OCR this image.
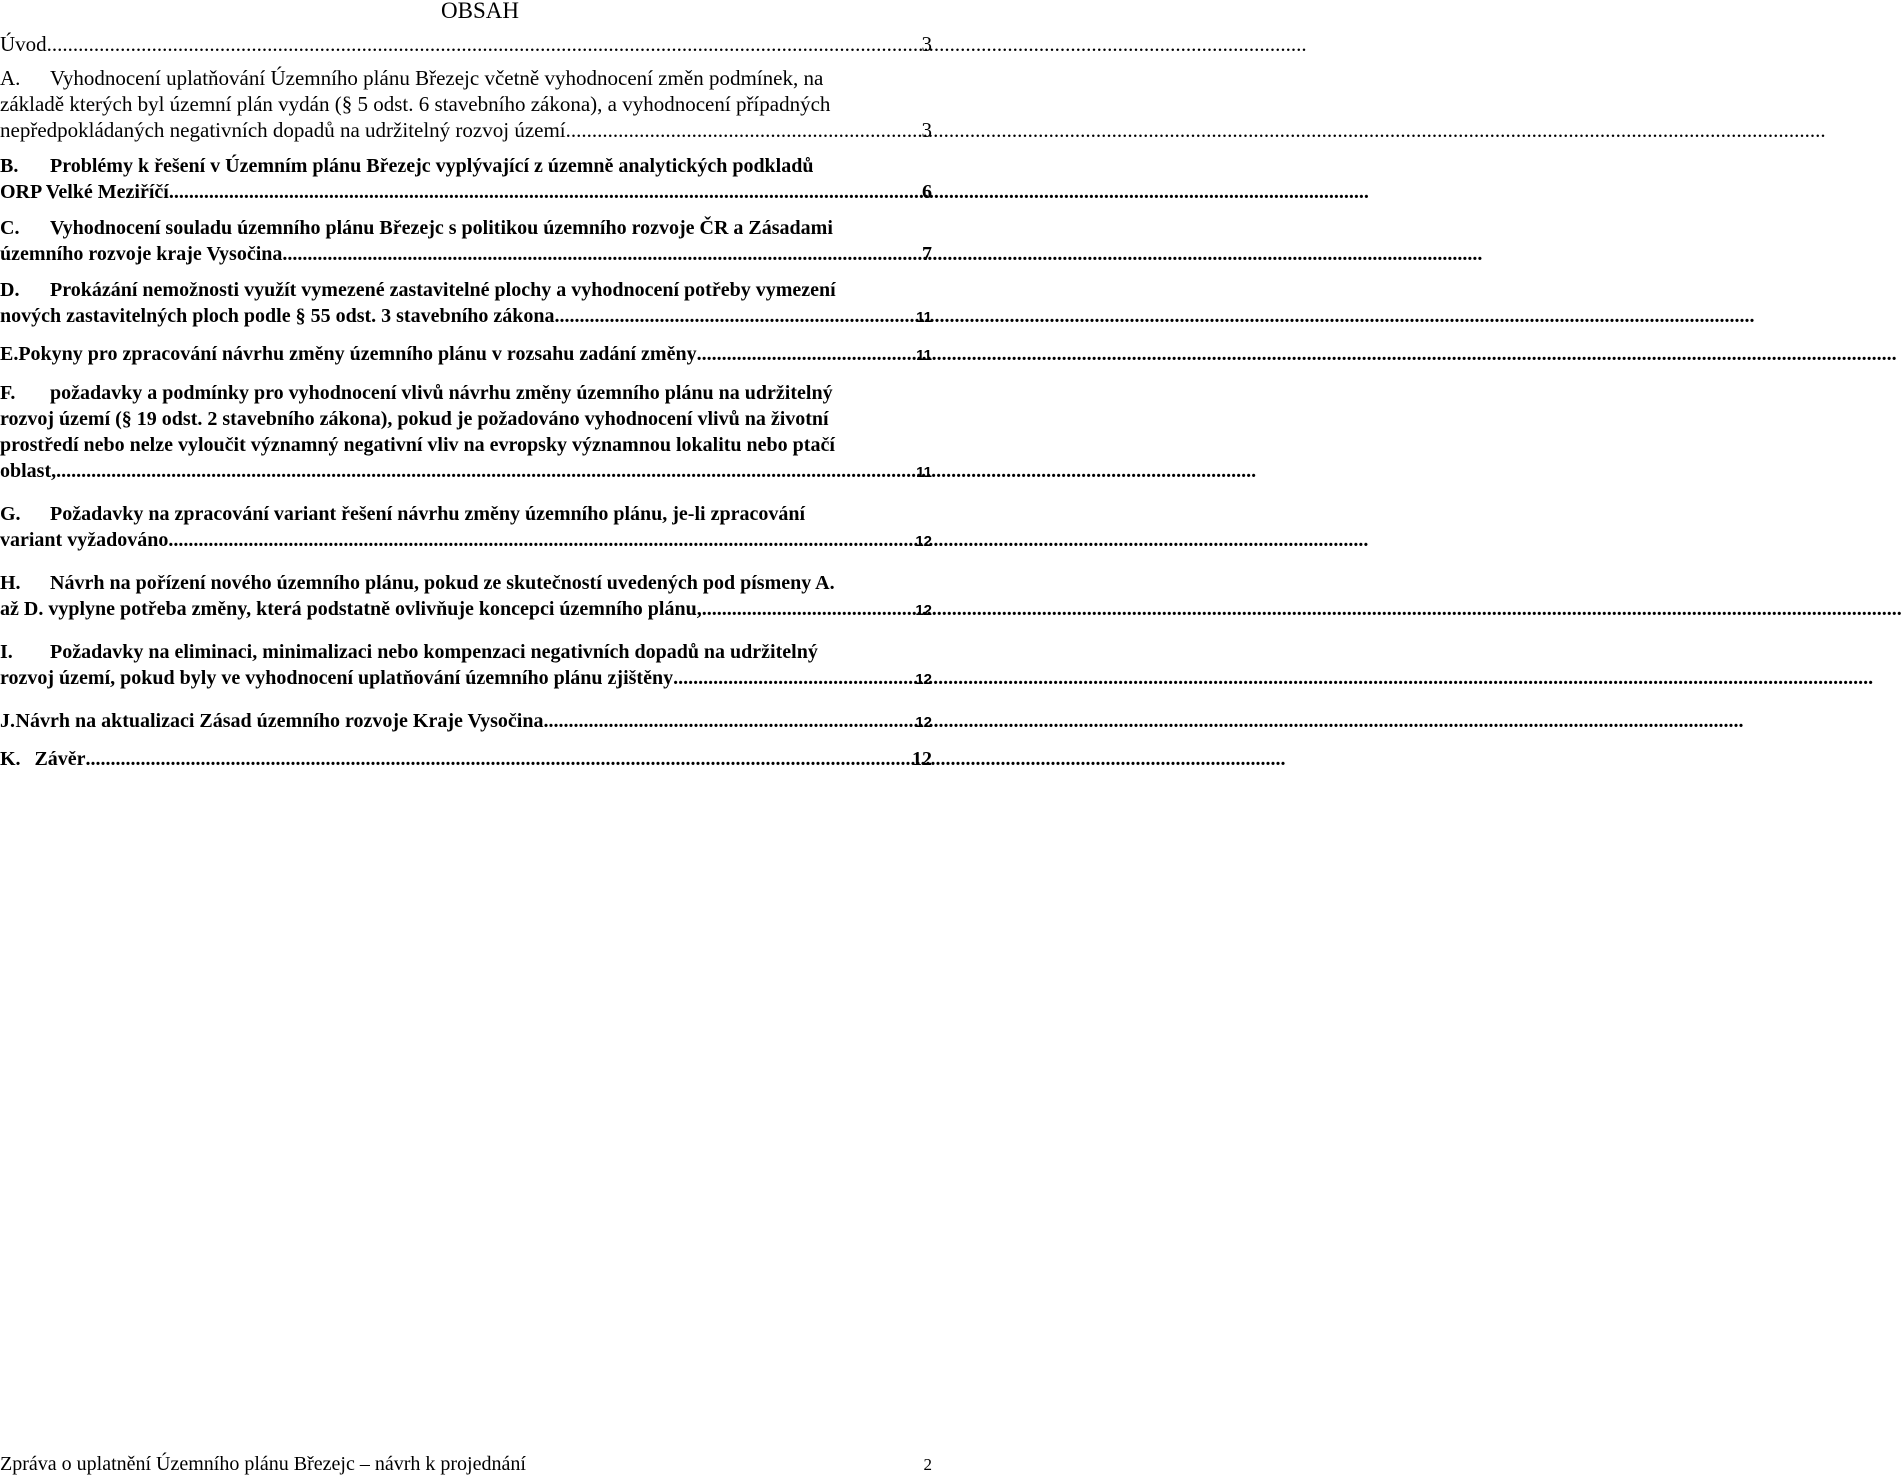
OBSAH
Úvod .....	3
A.	Vyhodnocení uplatňování Územního plánu Březejc včetně vyhodnocení změn podmínek, na
základě kterých byl územní plán vydán (§ 5 odst. 6 stavebního zákona), a vyhodnocení případných
nepředpokládaných negativních dopadů na udržitelný rozvoj území .....	3
B.	Problémy k řešení v Územním plánu Březejc vyplývající z územně analytických podkladů
ORP Velké Meziříčí .....	6
C.	Vyhodnocení souladu územního plánu Březejc s politikou územního rozvoje ČR a Zásadami
územního rozvoje kraje Vysočina .....	7
D.	Prokázání nemožnosti využít vymezené zastavitelné plochy a vyhodnocení potřeby vymezení
nových zastavitelných ploch podle § 55 odst. 3 stavebního zákona .....	11
E. Pokyny pro zpracování návrhu změny územního plánu v rozsahu zadání změny .....	11
F.	požadavky a podmínky pro vyhodnocení vlivů návrhu změny územního plánu na udržitelný
rozvoj území (§ 19 odst. 2 stavebního zákona), pokud je požadováno vyhodnocení vlivů na životní
prostředí nebo nelze vyloučit významný negativní vliv na evropsky významnou lokalitu nebo ptačí
oblast, .....	11
G.	Požadavky na zpracování variant řešení návrhu změny územního plánu, je-li zpracování
variant vyžadováno .....	12
H.	Návrh na pořízení nového územního plánu, pokud ze skutečností uvedených pod písmeny A.
až D. vyplyne potřeba změny, která podstatně ovlivňuje koncepci územního plánu, .....	12
I.	Požadavky na eliminaci, minimalizaci nebo kompenzaci negativních dopadů na udržitelný
rozvoj území, pokud byly ve vyhodnocení uplatňování územního plánu zjištěny .....	12
J. Návrh na aktualizaci Zásad územního rozvoje Kraje Vysočina .....	12
K. Závěr .....	12
Zpráva o uplatnění Územního plánu Březejc – návrh k projednání	2
